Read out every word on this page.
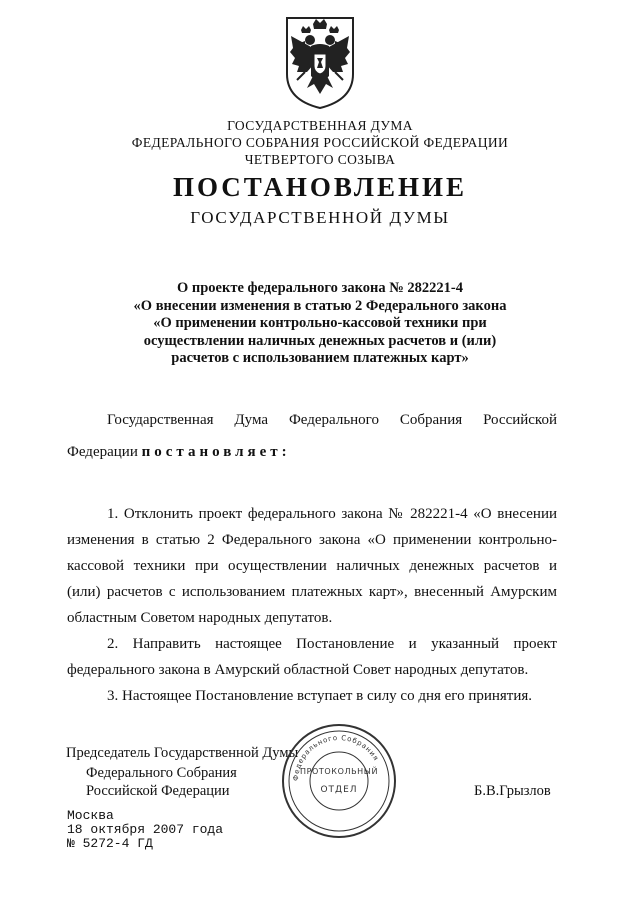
ГОСУДАРСТВЕННАЯ ДУМА
ФЕДЕРАЛЬНОГО СОБРАНИЯ РОССИЙСКОЙ ФЕДЕРАЦИИ
ЧЕТВЕРТОГО СОЗЫВА
ПОСТАНОВЛЕНИЕ
ГОСУДАРСТВЕННОЙ ДУМЫ
О проекте федерального закона № 282221-4
«О внесении изменения в статью 2 Федерального закона
«О применении контрольно-кассовой техники при
осуществлении наличных денежных расчетов и (или)
расчетов с использованием платежных карт»
Государственная Дума Федерального Собрания Российской
Федерации постановляет:
1. Отклонить проект федерального закона № 282221-4 «О внесении
изменения в статью 2 Федерального закона «О применении контрольно-
кассовой техники при осуществлении наличных денежных расчетов и
(или) расчетов с использованием платежных карт», внесенный Амурским
областным Советом народных депутатов.
2. Направить настоящее Постановление и указанный проект
федерального закона в Амурский областной Совет народных депутатов.
3. Настоящее Постановление вступает в силу со дня его принятия.
Председатель Государственной Думы
Федерального Собрания
Российской Федерации	Б.В.Грызлов
Федерального Собрания
ПРОТОКОЛЬНЫЙ
ОТДЕЛ
Москва
18 октября 2007 года
№ 5272-4 ГД
